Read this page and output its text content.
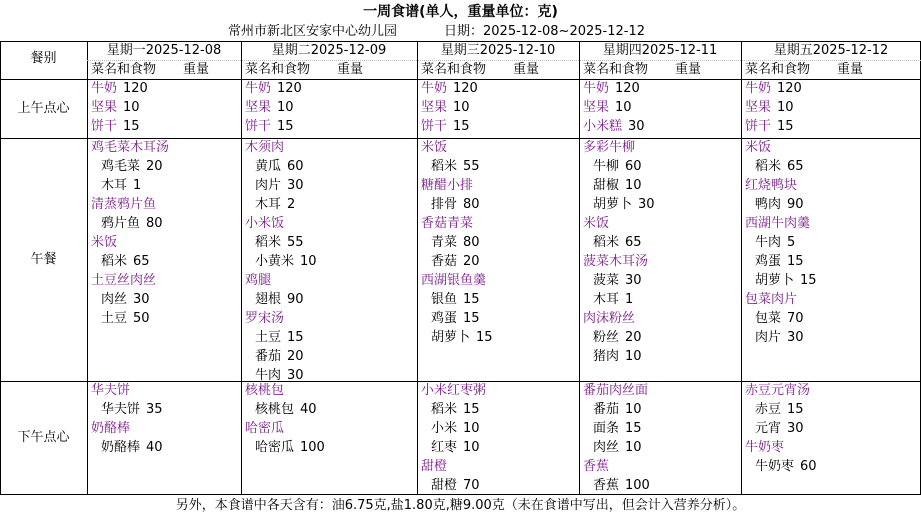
一周食谱(单人，重量单位：克)
常州市新北区安家中心幼儿园	日期：2025-12-08~2025-12-12
餐别
上午点心
午餐
下午点心
星期一2025-12-08
菜名和食物 重量
牛奶 120
坚果 10
饼干 15
鸡毛菜木耳汤
鸡毛菜 20
木耳 1
清蒸鸦片鱼
鸦片鱼 80
米饭
稻米 65
土豆丝肉丝
肉丝 30
土豆 50
华夫饼
华夫饼 35
奶酪棒
奶酪棒 40
星期二2025-12-09
菜名和食物 重量
牛奶 120
坚果 10
饼干 15
木须肉
黄瓜 60
肉片 30
木耳 2
小米饭
稻米 55
小黄米 10
鸡腿
翅根 90
罗宋汤
土豆 15
番茄 20
牛肉 30
核桃包
核桃包 40
哈密瓜
哈密瓜 100
星期三2025-12-10
菜名和食物 重量
牛奶 120
坚果 10
饼干 15
米饭
稻米 55
糖醋小排
排骨 80
香菇青菜
青菜 80
香菇 20
西湖银鱼羹
银鱼 15
鸡蛋 15
胡萝卜 15
小米红枣粥
稻米 15
小米 10
红枣 10
甜橙
甜橙 70
星期四2025-12-11
菜名和食物 重量
牛奶 120
坚果 10
小米糕 30
多彩牛柳
牛柳 60
甜椒 10
胡萝卜 30
米饭
稻米 65
菠菜木耳汤
菠菜 30
木耳 1
肉沫粉丝
粉丝 20
猪肉 10
番茄肉丝面
番茄 10
面条 15
肉丝 10
香蕉
香蕉 100
星期五2025-12-12
菜名和食物 重量
牛奶 120
坚果 10
饼干 15
米饭
稻米 65
红烧鸭块
鸭肉 90
西湖牛肉羹
牛肉 5
鸡蛋 15
胡萝卜 15
包菜肉片
包菜 70
肉片 30
赤豆元宵汤
赤豆 15
元宵 30
牛奶枣
牛奶枣 60
另外，本食谱中各天含有：油6.75克,盐1.80克,糖9.00克（未在食谱中写出，但会计入营养分析）。
